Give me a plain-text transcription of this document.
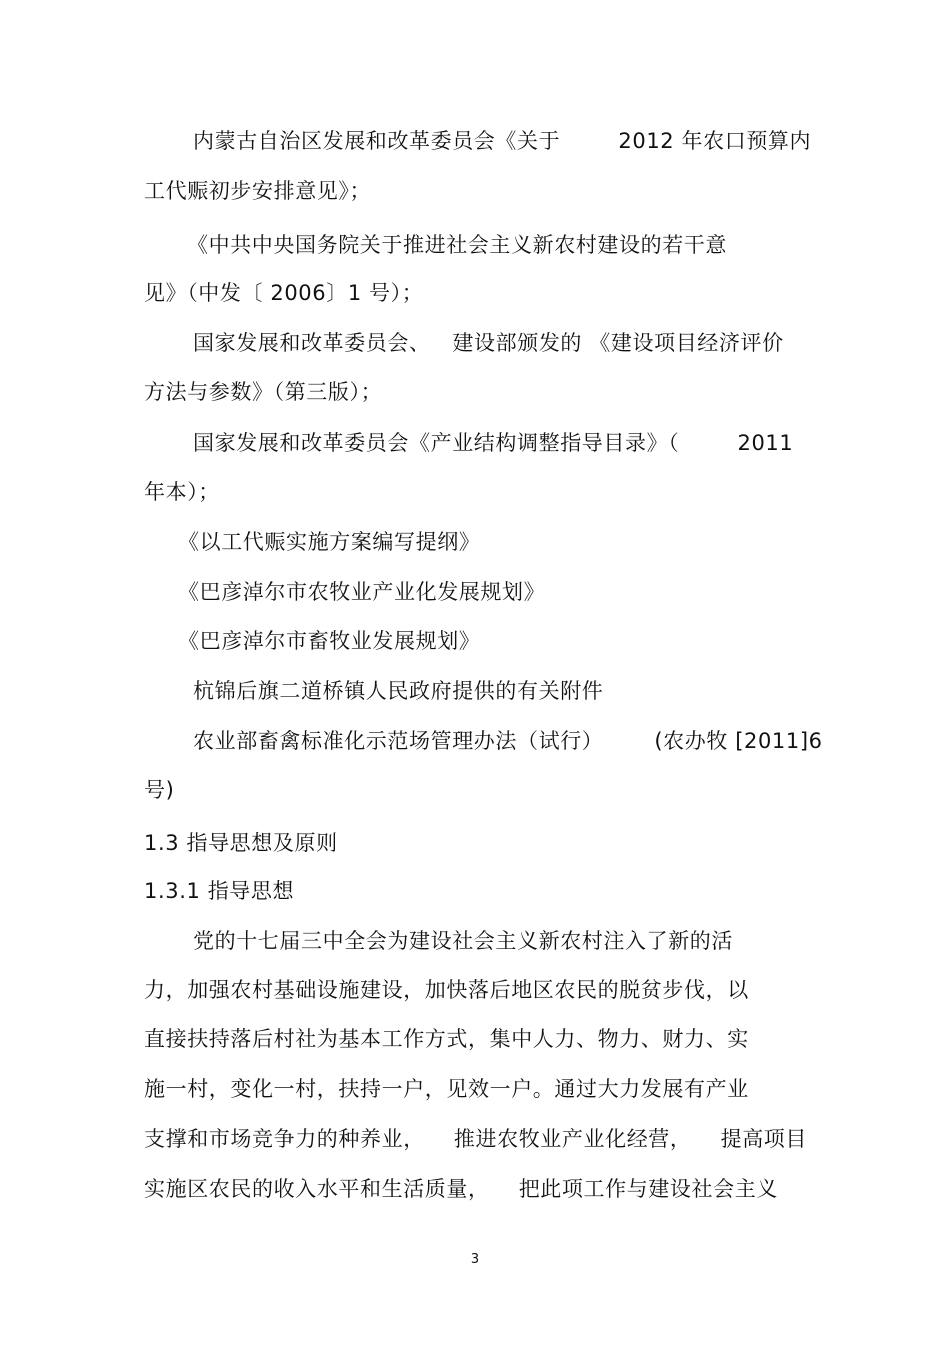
内蒙古自治区发展和改革委员会《关于        2012 年农口预算内
工代赈初步安排意见》；
《中共中央国务院关于推进社会主义新农村建设的若干意
见》（中发〔 2006〕1 号）；
国家发展和改革委员会、   建设部颁发的 《建设项目经济评价
方法与参数》（第三版）；
国家发展和改革委员会《产业结构调整指导目录》（        2011
年本）；
《以工代赈实施方案编写提纲》
《巴彦淖尔市农牧业产业化发展规划》
《巴彦淖尔市畜牧业发展规划》
杭锦后旗二道桥镇人民政府提供的有关附件
农业部畜禽标准化示范场管理办法（试行）       (农办牧 [2011]6
号)
1.3 指导思想及原则
1.3.1 指导思想
党的十七届三中全会为建设社会主义新农村注入了新的活
力，加强农村基础设施建设，加快落后地区农民的脱贫步伐，以
直接扶持落后村社为基本工作方式，集中人力、物力、财力、实
施一村，变化一村，扶持一户，见效一户。通过大力发展有产业
支撑和市场竞争力的种养业，    推进农牧业产业化经营，    提高项目
实施区农民的收入水平和生活质量，    把此项工作与建设社会主义
3
